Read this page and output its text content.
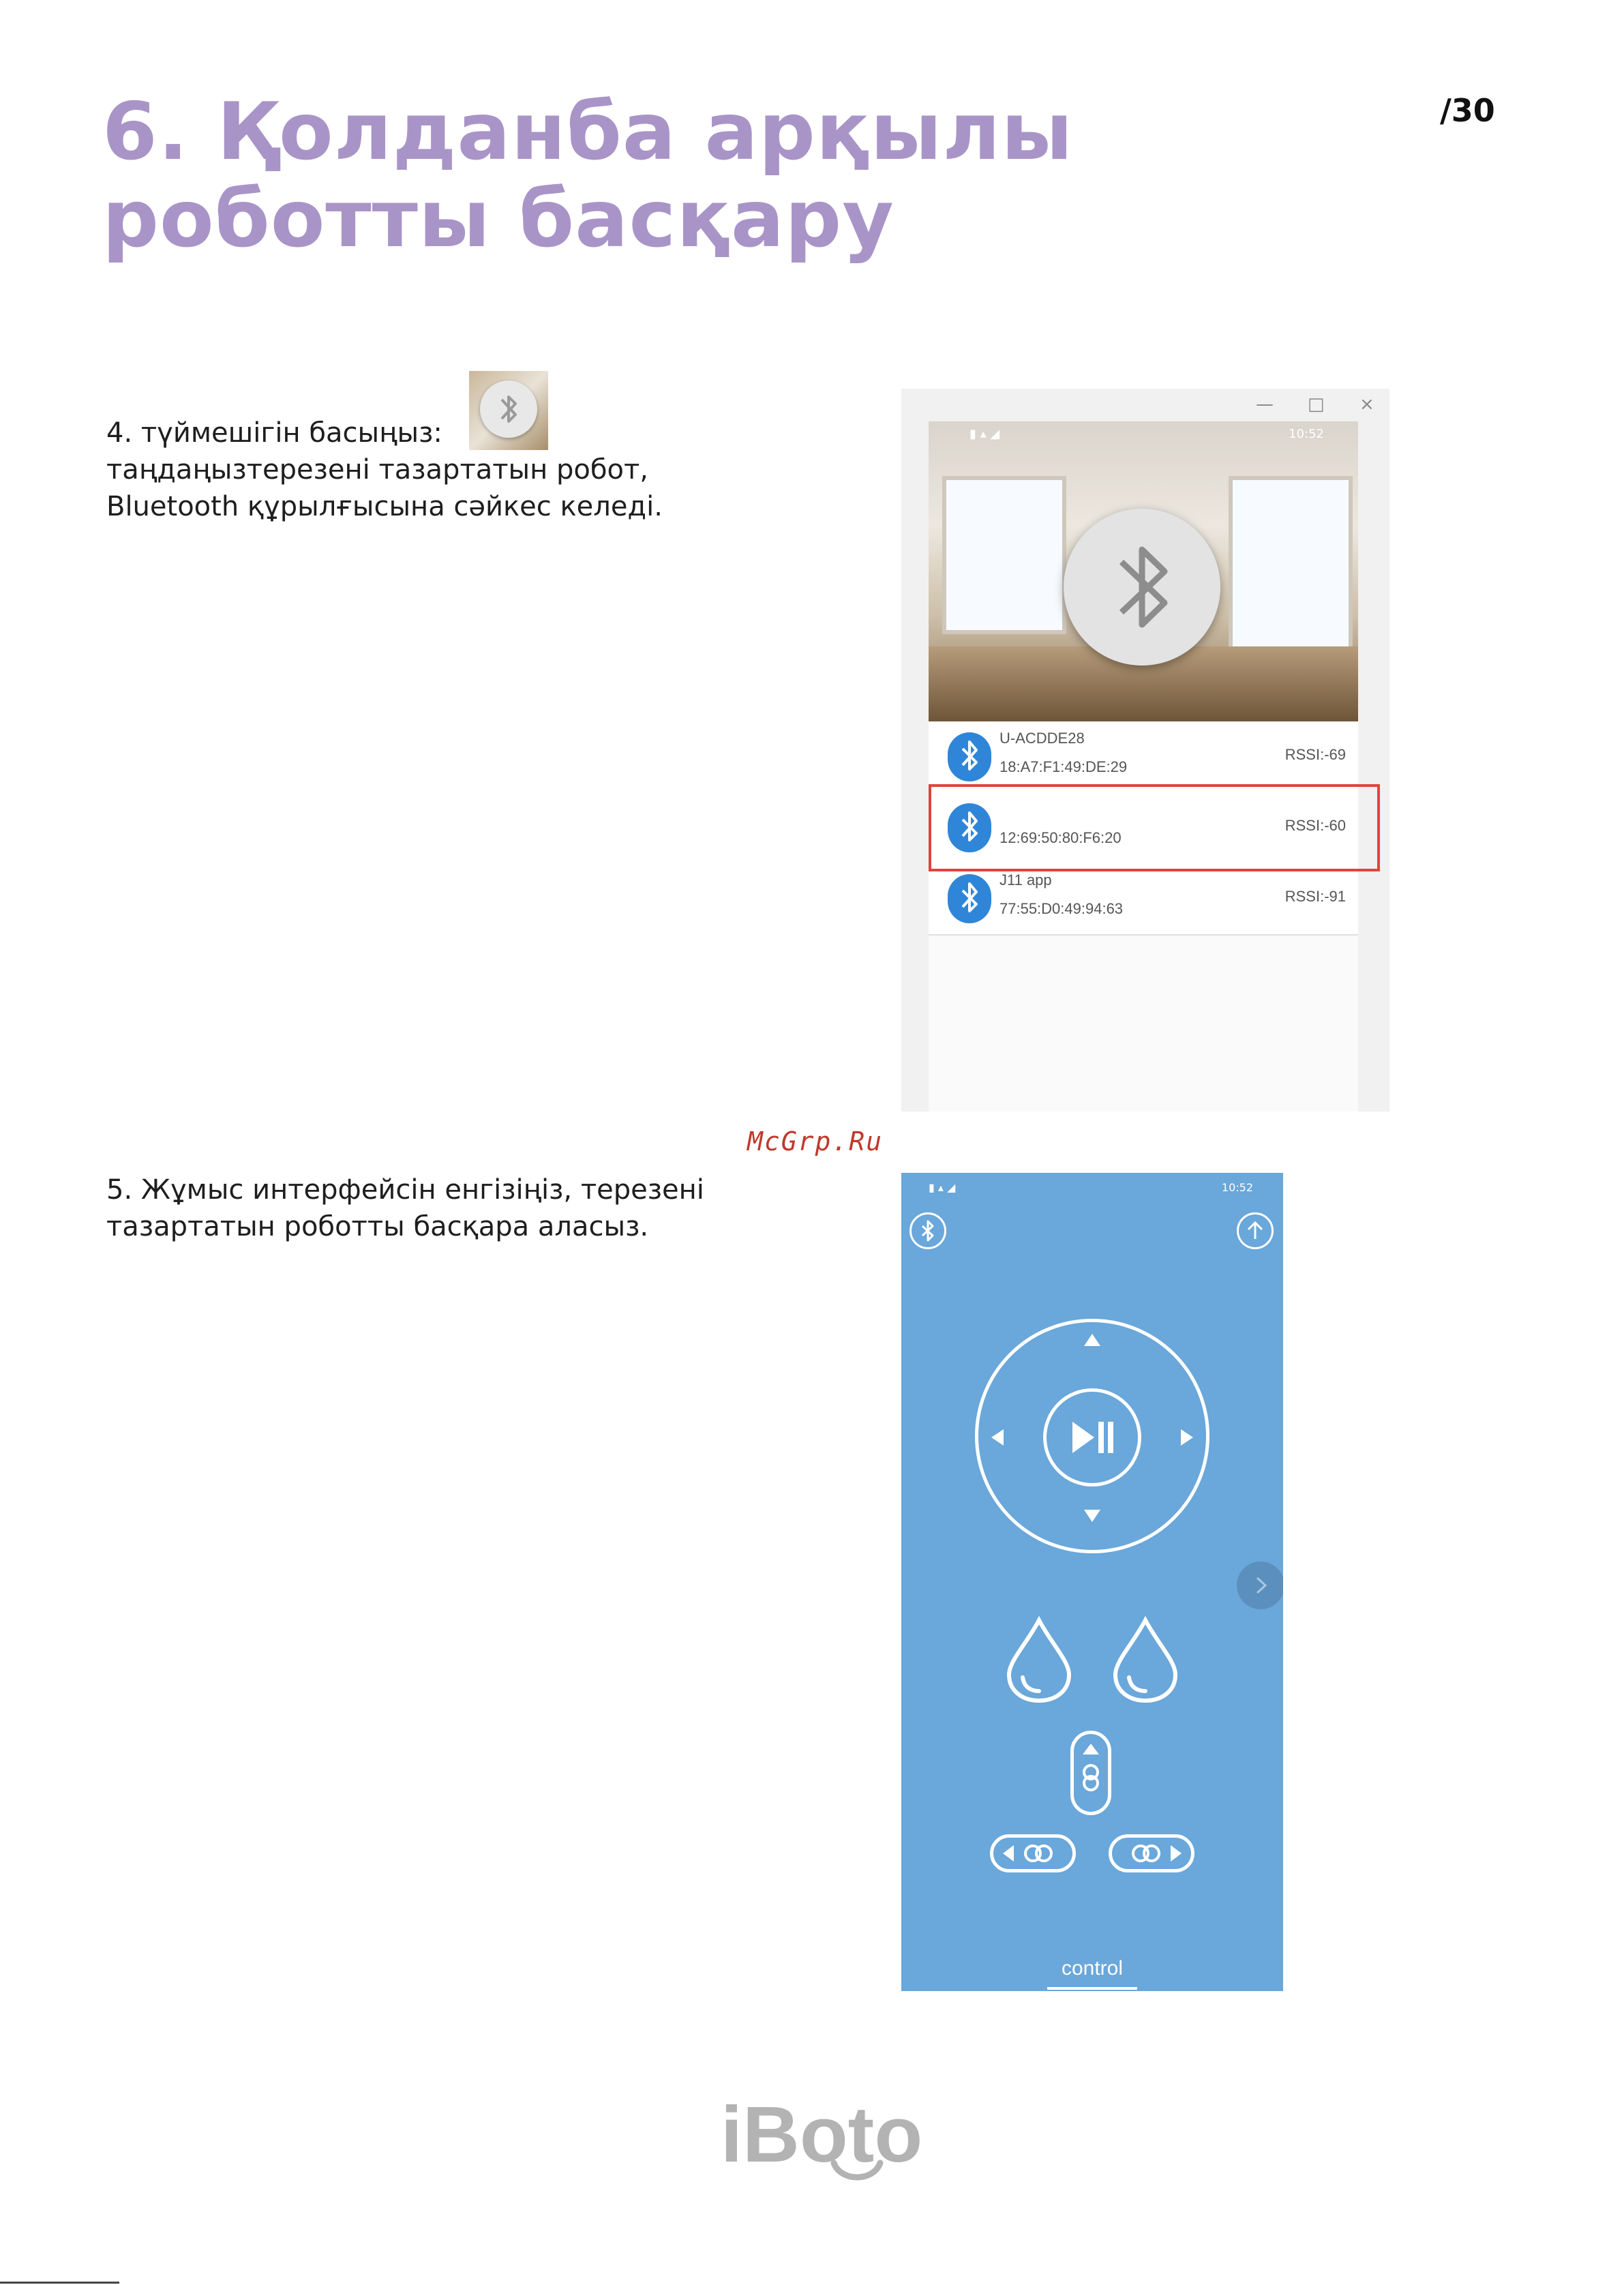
6. Қолданба арқылы роботты басқару
/30
4. түймешігін басыңыз:
таңдаңызтерезені тазартатын робот,
Bluetooth құрылғысына сәйкес келеді.
— □ ×
▮ ▴ ◢	10:52
U-ACDDE28
18:A7:F1:49:DE:29
RSSI:-69
12:69:50:80:F6:20
RSSI:-60
J11 app
77:55:D0:49:94:63
RSSI:-91
McGrp.Ru
5. Жұмыс интерфейсін енгізіңіз, терезені
тазартатын роботты басқара аласыз.
▮ ▴ ◢	10:52
control
iBoto
